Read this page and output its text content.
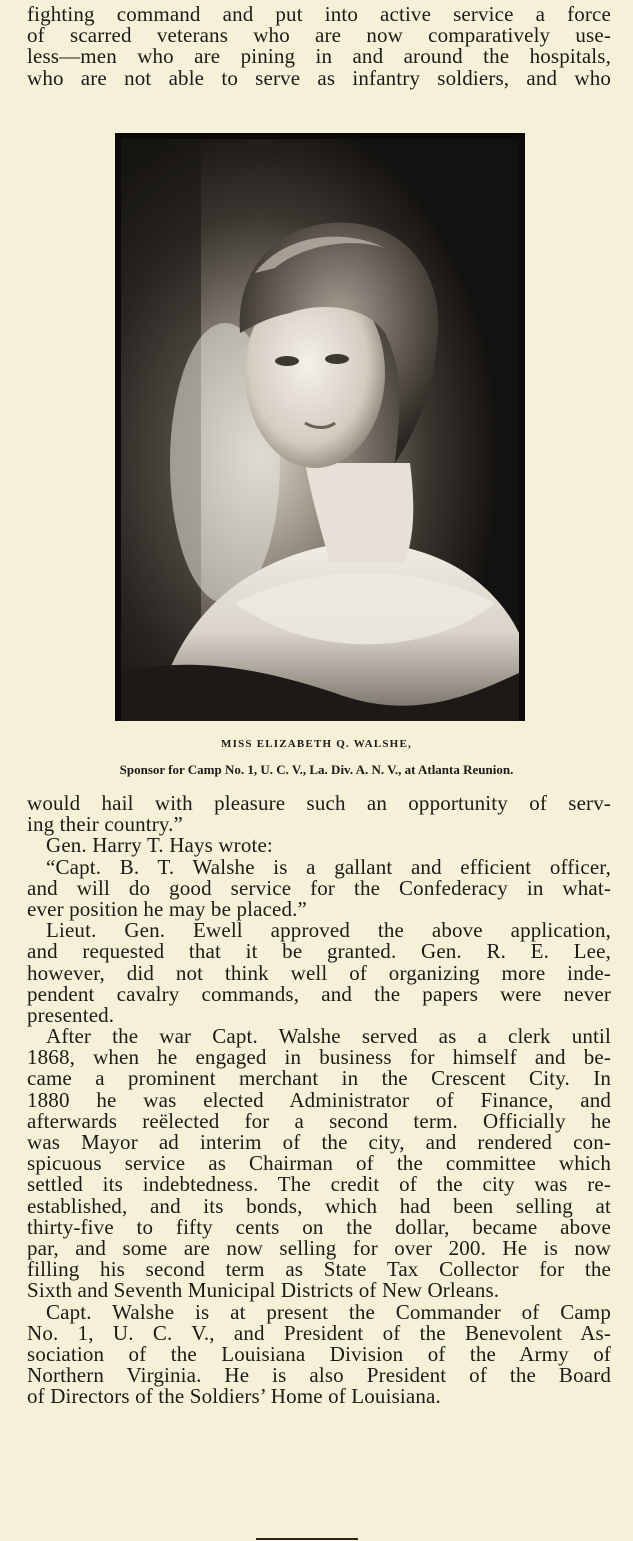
fighting command and put into active service a force
of scarred veterans who are now comparatively use-
less—men who are pining in and around the hospitals,
who are not able to serve as infantry soldiers, and who
MISS ELIZABETH Q. WALSHE,
Sponsor for Camp No. 1, U. C. V., La. Div. A. N. V., at Atlanta Reunion.
would hail with pleasure such an opportunity of serv-
ing their country.”
Gen. Harry T. Hays wrote:
“Capt. B. T. Walshe is a gallant and efficient officer,
and will do good service for the Confederacy in what-
ever position he may be placed.”
Lieut. Gen. Ewell approved the above application,
and requested that it be granted. Gen. R. E. Lee,
however, did not think well of organizing more inde-
pendent cavalry commands, and the papers were never
presented.
After the war Capt. Walshe served as a clerk until
1868, when he engaged in business for himself and be-
came a prominent merchant in the Crescent City. In
1880 he was elected Administrator of Finance, and
afterwards reëlected for a second term. Officially he
was Mayor ad interim of the city, and rendered con-
spicuous service as Chairman of the committee which
settled its indebtedness. The credit of the city was re-
established, and its bonds, which had been selling at
thirty-five to fifty cents on the dollar, became above
par, and some are now selling for over 200. He is now
filling his second term as State Tax Collector for the
Sixth and Seventh Municipal Districts of New Orleans.
Capt. Walshe is at present the Commander of Camp
No. 1, U. C. V., and President of the Benevolent As-
sociation of the Louisiana Division of the Army of
Northern Virginia. He is also President of the Board
of Directors of the Soldiers’ Home of Louisiana.
